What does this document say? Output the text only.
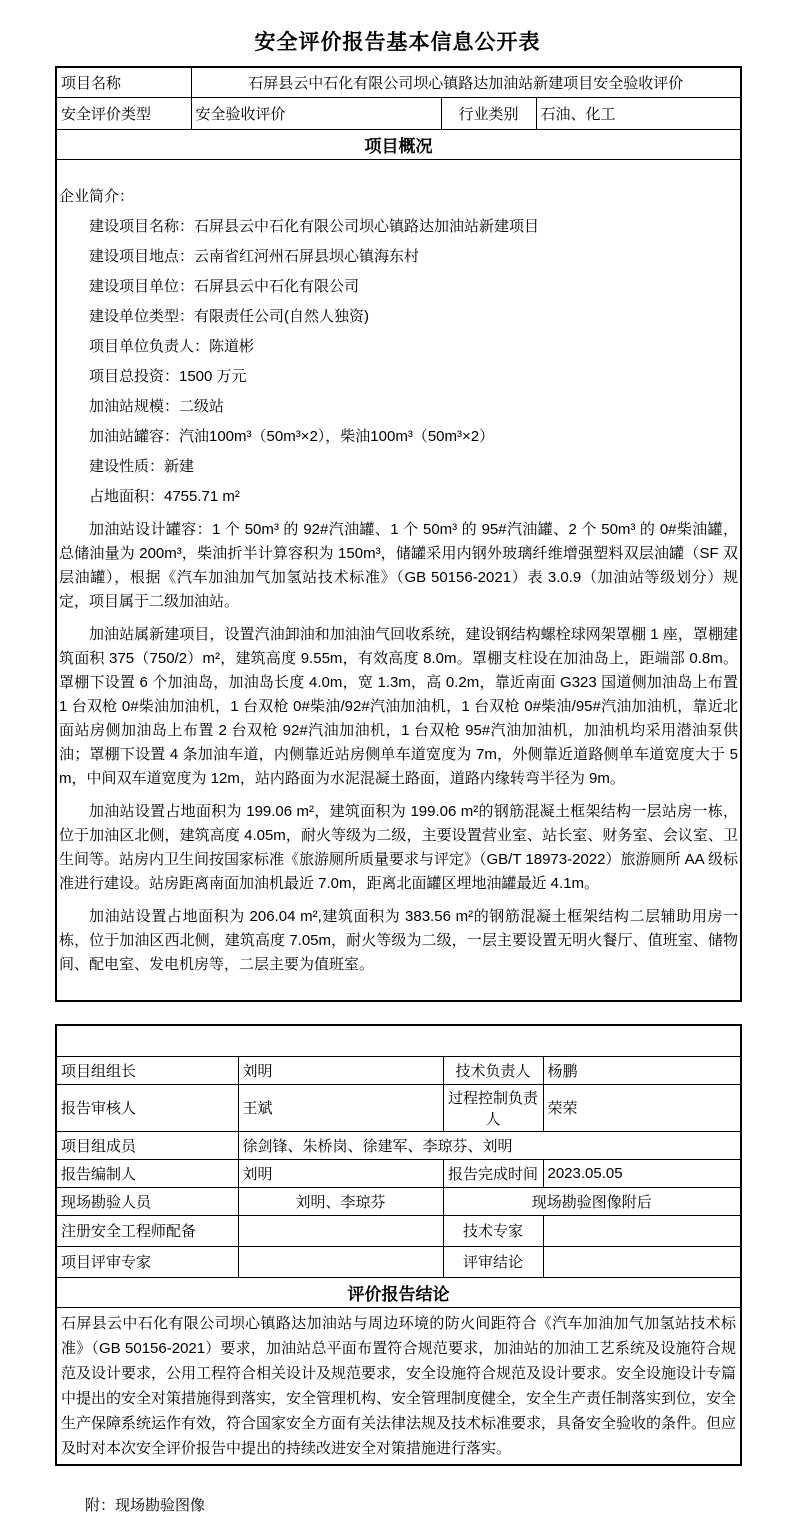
安全评价报告基本信息公开表
项目名称	石屏县云中石化有限公司坝心镇路达加油站新建项目安全验收评价		
安全评价类型	安全验收评价	行业类别	石油、化工
项目概况			

企业简介：

建设项目名称：石屏县云中石化有限公司坝心镇路达加油站新建项目

建设项目地点：云南省红河州石屏县坝心镇海东村

建设项目单位：石屏县云中石化有限公司

建设单位类型：有限责任公司(自然人独资)

项目单位负责人：陈道彬

项目总投资：1500 万元

加油站规模：二级站

加油站罐容：汽油100m³（50m³×2），柴油100m³（50m³×2）

建设性质：新建

占地面积：4755.71 m²

加油站设计罐容：1 个 50m³ 的 92#汽油罐、1 个 50m³ 的 95#汽油罐、2 个 50m³ 的 0#柴油罐，总储油量为 200m³，柴油折半计算容积为 150m³，储罐采用内钢外玻璃纤维增强塑料双层油罐（SF 双层油罐），根据《汽车加油加气加氢站技术标准》（GB 50156-2021）表 3.0.9（加油站等级划分）规定，项目属于二级加油站。

加油站属新建项目，设置汽油卸油和加油油气回收系统，建设钢结构螺栓球网架罩棚 1 座，罩棚建筑面积 375（750/2）m²，建筑高度 9.55m，有效高度 8.0m。罩棚支柱设在加油岛上，距端部 0.8m。罩棚下设置 6 个加油岛，加油岛长度 4.0m，宽 1.3m，高 0.2m，靠近南面 G323 国道侧加油岛上布置 1 台双枪 0#柴油加油机，1 台双枪 0#柴油/92#汽油加油机，1 台双枪 0#柴油/95#汽油加油机，靠近北面站房侧加油岛上布置 2 台双枪 92#汽油加油机，1 台双枪 95#汽油加油机，加油机均采用潜油泵供油；罩棚下设置 4 条加油车道，内侧靠近站房侧单车道宽度为 7m，外侧靠近道路侧单车道宽度大于 5m，中间双车道宽度为 12m，站内路面为水泥混凝土路面，道路内缘转弯半径为 9m。

加油站设置占地面积为 199.06 m²，建筑面积为 199.06 m²的钢筋混凝土框架结构一层站房一栋，位于加油区北侧，建筑高度 4.05m，耐火等级为二级，主要设置营业室、站长室、财务室、会议室、卫生间等。站房内卫生间按国家标准《旅游厕所质量要求与评定》（GB/T 18973-2022）旅游厕所 AA 级标准进行建设。站房距离南面加油机最近 7.0m，距离北面罐区埋地油罐最近 4.1m。

加油站设置占地面积为 206.04 m²,建筑面积为 383.56 m²的钢筋混凝土框架结构二层辅助用房一栋，位于加油区西北侧，建筑高度 7.05m，耐火等级为二级，一层主要设置无明火餐厅、值班室、储物间、配电室、发电机房等，二层主要为值班室。

项目组组长	刘明	技术负责人	杨鹏
报告审核人	王斌	过程控制负责人	荣荣
项目组成员	徐剑锋、朱桥岗、徐建军、李琼芬、刘明		
报告编制人	刘明	报告完成时间	2023.05.05
现场勘验人员	刘明、李琼芬	现场勘验图像附后	
注册安全工程师配备		技术专家	
项目评审专家		评审结论	
评价报告结论			

石屏县云中石化有限公司坝心镇路达加油站与周边环境的防火间距符合《汽车加油加气加氢站技术标准》（GB 50156-2021）要求，加油站总平面布置符合规范要求，加油站的加油工艺系统及设施符合规范及设计要求，公用工程符合相关设计及规范要求，安全设施符合规范及设计要求。安全设施设计专篇中提出的安全对策措施得到落实，安全管理机构、安全管理制度健全，安全生产责任制落实到位，安全生产保障系统运作有效，符合国家安全方面有关法律法规及技术标准要求，具备安全验收的条件。但应及时对本次安全评价报告中提出的持续改进安全对策措施进行落实。			

附：现场勘验图像
